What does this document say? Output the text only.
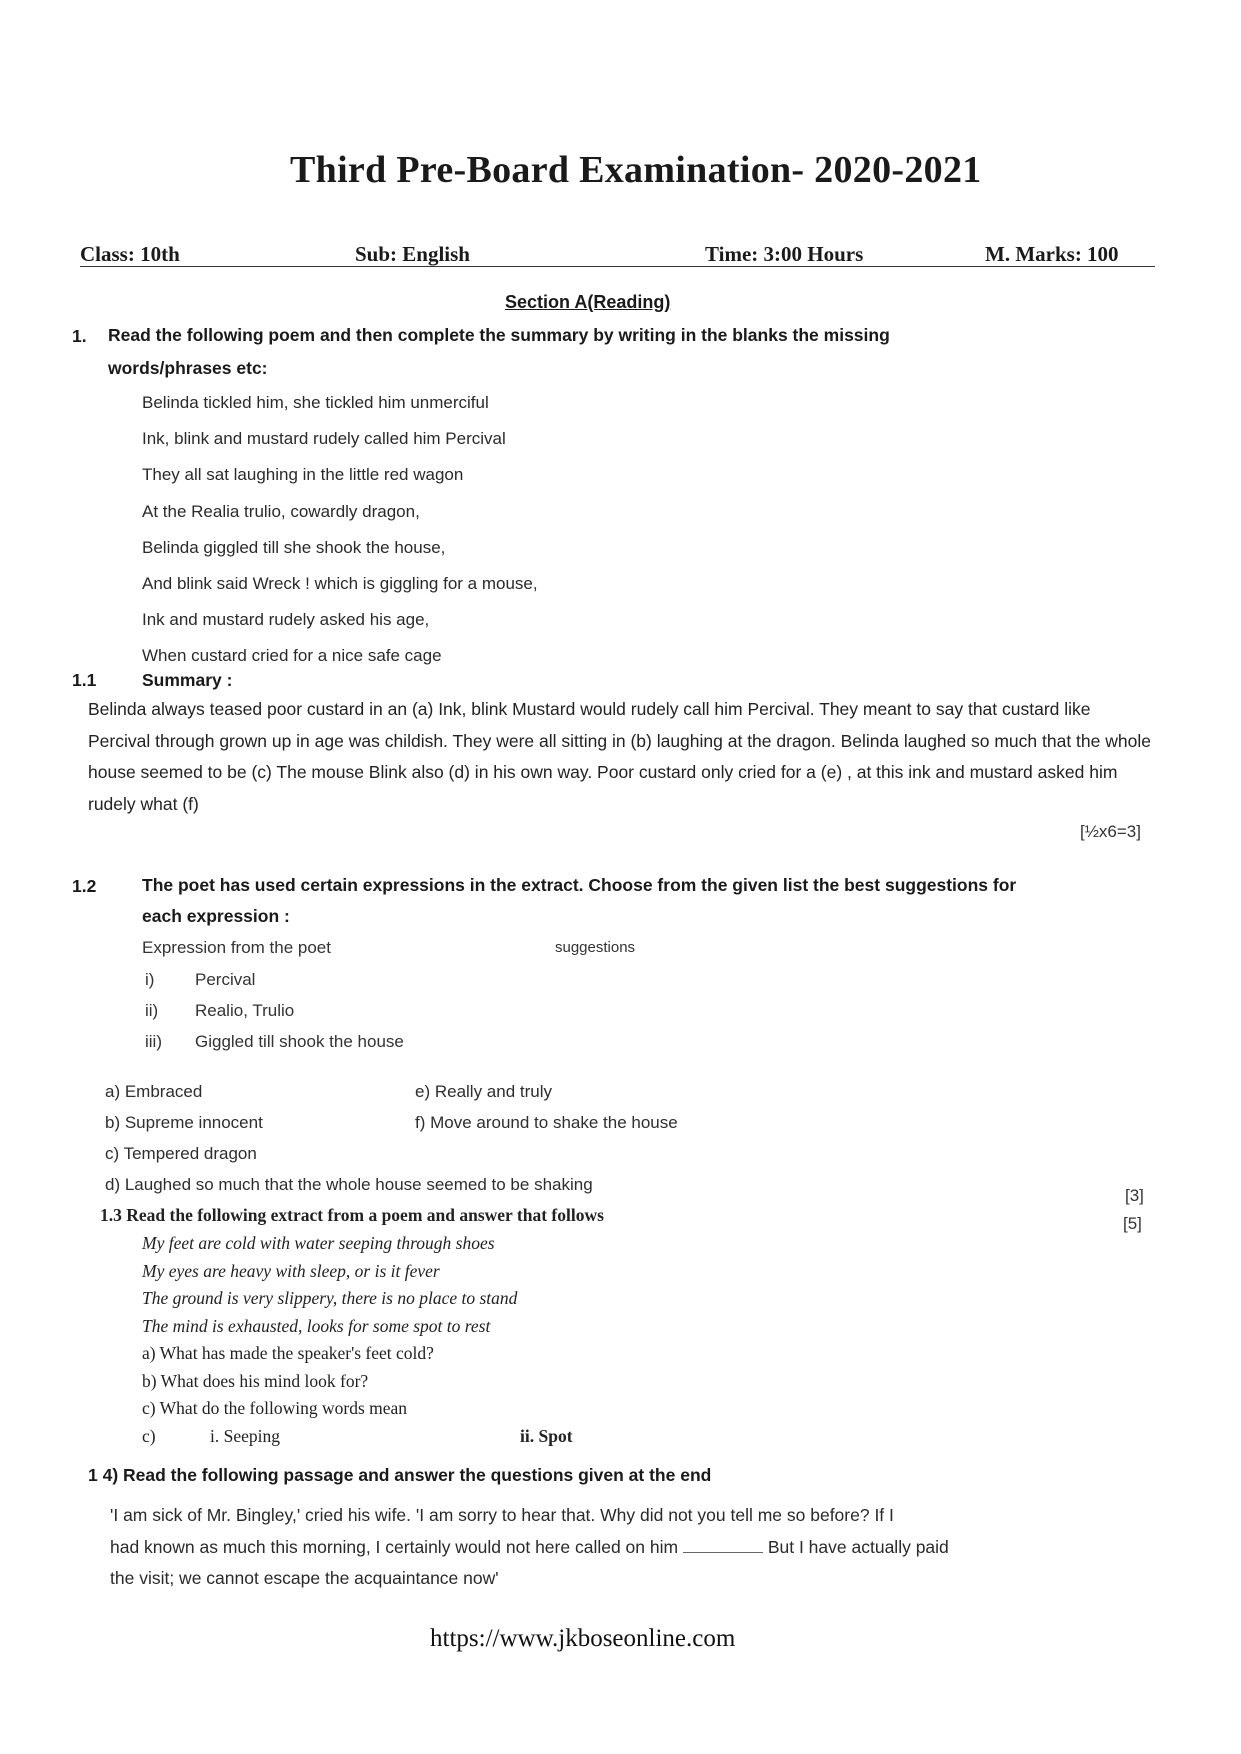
Third Pre-Board Examination- 2020-2021
Class: 10th	Sub: English	Time: 3:00 Hours	M. Marks: 100
Section A(Reading)
1. Read the following poem and then complete the summary by writing in the blanks the missing
words/phrases etc:
Belinda tickled him, she tickled him unmerciful
Ink, blink and mustard rudely called him Percival
They all sat laughing in the little red wagon
At the Realia trulio, cowardly dragon,
Belinda giggled till she shook the house,
And blink said Wreck ! which is giggling for a mouse,
Ink and mustard rudely asked his age,
When custard cried for a nice safe cage
1.1	Summary :
Belinda always teased poor custard in an (a) Ink, blink Mustard would rudely call him Percival. They meant to say that custard like Percival through grown up in age was childish. They were all sitting in (b) laughing at the dragon. Belinda laughed so much that the whole house seemed to be (c) The mouse Blink also (d) in his own way. Poor custard only cried for a (e) , at this ink and mustard asked him rudely what (f)
[½x6=3]
1.2	The poet has used certain expressions in the extract. Choose from the given list the best suggestions for
each expression :
Expression from the poet	suggestions
i)	Percival
ii)	Realio, Trulio
iii)	Giggled till shook the house
a) Embraced	e) Really and truly
b) Supreme innocent	f) Move around to shake the house
c) Tempered dragon
d) Laughed so much that the whole house seemed to be shaking
[3]
1.3 Read the following extract from a poem and answer that follows	[5]
My feet are cold with water seeping through shoes
My eyes are heavy with sleep, or is it fever
The ground is very slippery, there is no place to stand
The mind is exhausted, looks for some spot to rest
a) What has made the speaker's feet cold?
b) What does his mind look for?
c) What do the following words mean
c)	i. Seeping	ii. Spot
1 4) Read the following passage and answer the questions given at the end
'I am sick of Mr. Bingley,' cried his wife. 'I am sorry to hear that. Why did not you tell me so before? If I
had known as much this morning, I certainly would not here called on him	But I have actually paid
the visit; we cannot escape the acquaintance now'
https://www.jkboseonline.com
